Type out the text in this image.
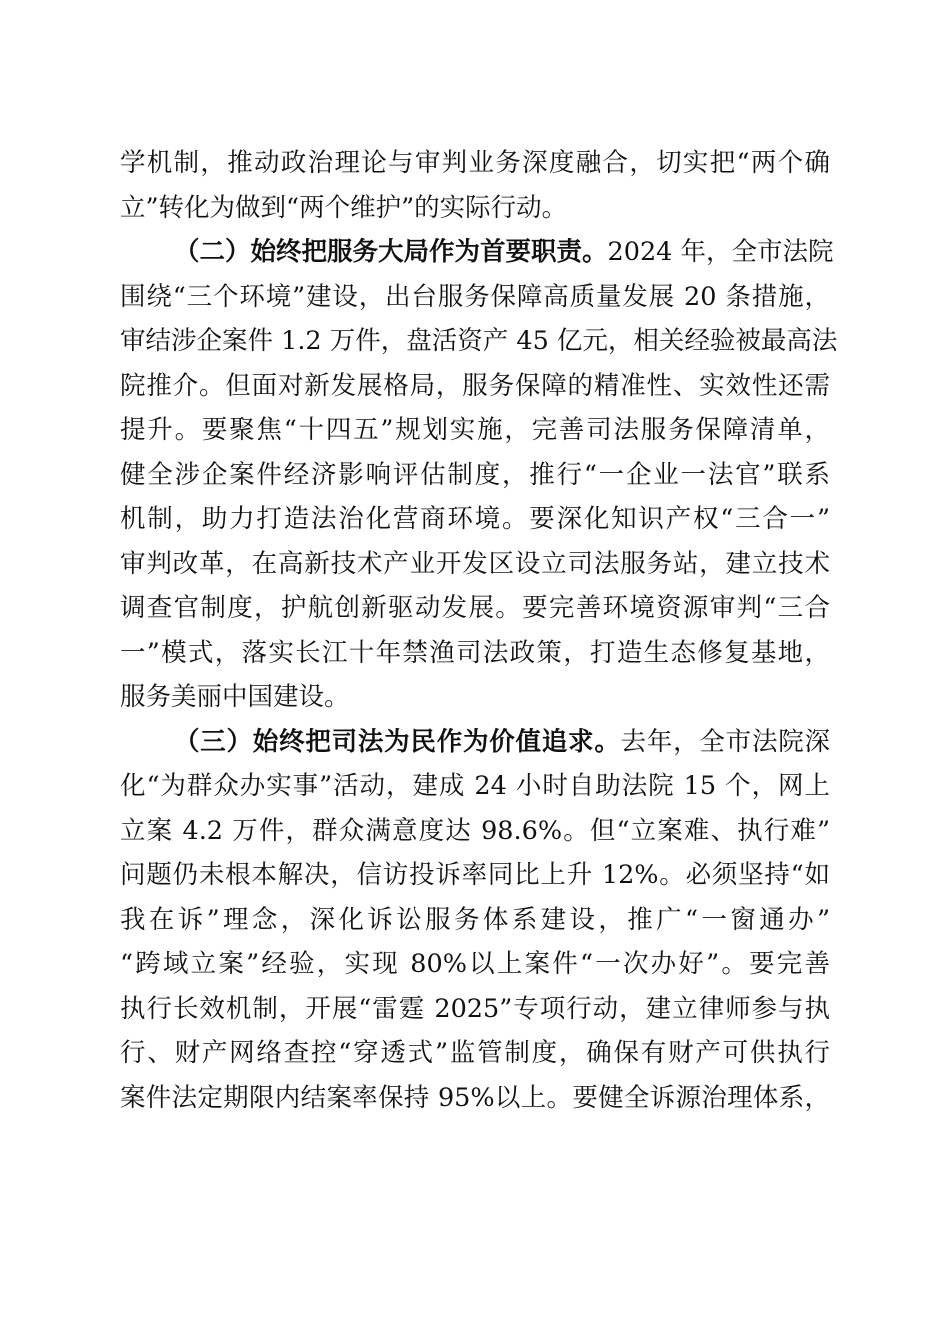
学机制，推动政治理论与审判业务深度融合，切实把“两个确
立”转化为做到“两个维护”的实际行动。
（二）始终把服务大局作为首要职责。2024 年，全市法院
围绕“三个环境”建设，出台服务保障高质量发展 20 条措施，
审结涉企案件 1.2 万件，盘活资产 45 亿元，相关经验被最高法
院推介。但面对新发展格局，服务保障的精准性、实效性还需
提升。要聚焦“十四五”规划实施，完善司法服务保障清单，
健全涉企案件经济影响评估制度，推行“一企业一法官”联系
机制，助力打造法治化营商环境。要深化知识产权“三合一”
审判改革，在高新技术产业开发区设立司法服务站，建立技术
调查官制度，护航创新驱动发展。要完善环境资源审判“三合
一”模式，落实长江十年禁渔司法政策，打造生态修复基地，
服务美丽中国建设。
（三）始终把司法为民作为价值追求。去年，全市法院深
化“为群众办实事”活动，建成 24 小时自助法院 15 个，网上
立案 4.2 万件，群众满意度达 98.6%。但“立案难、执行难”
问题仍未根本解决，信访投诉率同比上升 12%。必须坚持“如
我在诉”理念，深化诉讼服务体系建设，推广“一窗通办”
“跨域立案”经验，实现 80%以上案件“一次办好”。要完善
执行长效机制，开展“雷霆 2025”专项行动，建立律师参与执
行、财产网络查控“穿透式”监管制度，确保有财产可供执行
案件法定期限内结案率保持 95%以上。要健全诉源治理体系，
